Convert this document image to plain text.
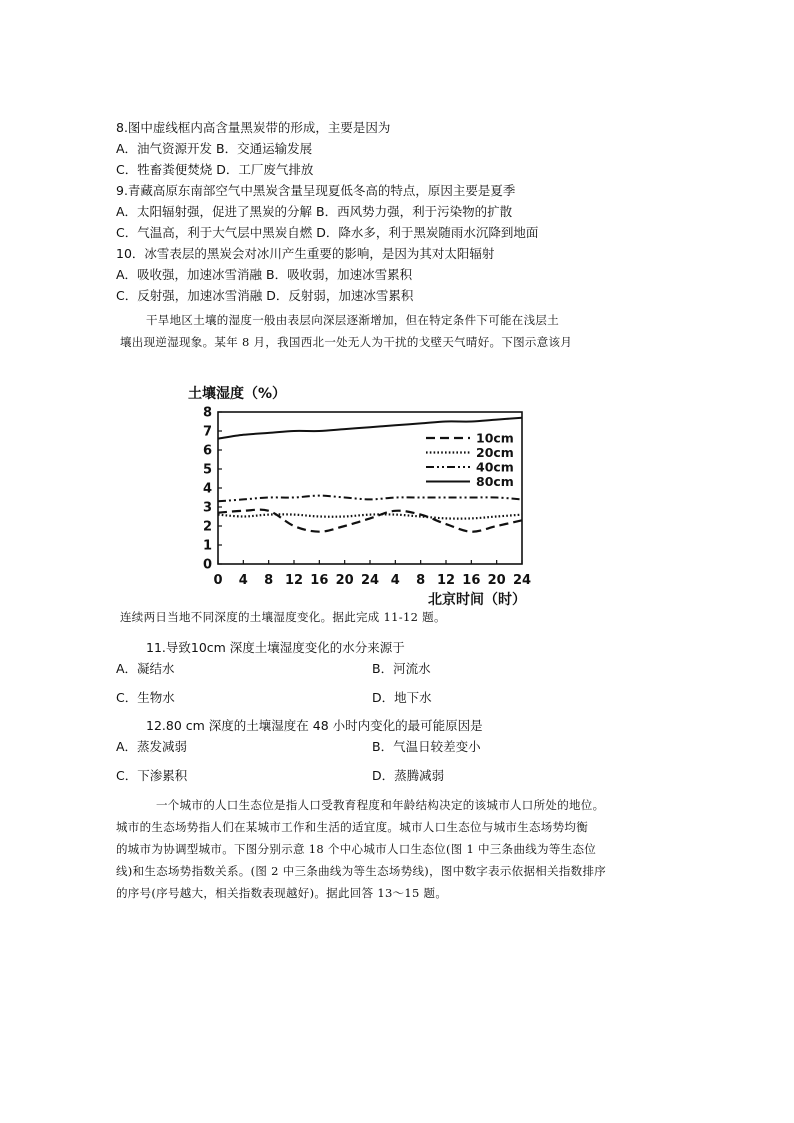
8.图中虚线框内高含量黑炭带的形成，主要是因为
A．油气资源开发 B．交通运输发展
C．牲畜粪便焚烧 D．工厂废气排放
9.青藏高原东南部空气中黑炭含量呈现夏低冬高的特点，原因主要是夏季
A．太阳辐射强，促进了黑炭的分解 B．西风势力强，利于污染物的扩散
C．气温高，利于大气层中黑炭自燃 D．降水多，利于黑炭随雨水沉降到地面
10．冰雪表层的黑炭会对冰川产生重要的影响，是因为其对太阳辐射
A．吸收强，加速冰雪消融 B．吸收弱，加速冰雪累积
C．反射强，加速冰雪消融 D．反射弱，加速冰雪累积
干旱地区土壤的湿度一般由表层向深层逐渐增加，但在特定条件下可能在浅层土
壤出现逆湿现象。某年 8 月，我国西北一处无人为干扰的戈壁天气晴好。下图示意该月
土壤湿度（%）
北京时间（时）
0
1
2
3
4
5
6
7
8
0 4 8 12 16 20 24 4 8 12 16 20 24
10cm
20cm
40cm
80cm
连续两日当地不同深度的土壤湿度变化。据此完成 11-12 题。
11.导致10cm 深度土壤湿度变化的水分来源于
A．凝结水	B．河流水
C．生物水	D．地下水
12.80 cm 深度的土壤湿度在 48 小时内变化的最可能原因是
A．蒸发减弱	B．气温日较差变小
C．下渗累积	D．蒸腾减弱
一个城市的人口生态位是指人口受教育程度和年龄结构决定的该城市人口所处的地位。
城市的生态场势指人们在某城市工作和生活的适宜度。城市人口生态位与城市生态场势均衡
的城市为协调型城市。下图分别示意 18 个中心城市人口生态位(图 1 中三条曲线为等生态位
线)和生态场势指数关系。(图 2 中三条曲线为等生态场势线)，图中数字表示依据相关指数排序
的序号(序号越大，相关指数表现越好)。据此回答 13～15 题。
